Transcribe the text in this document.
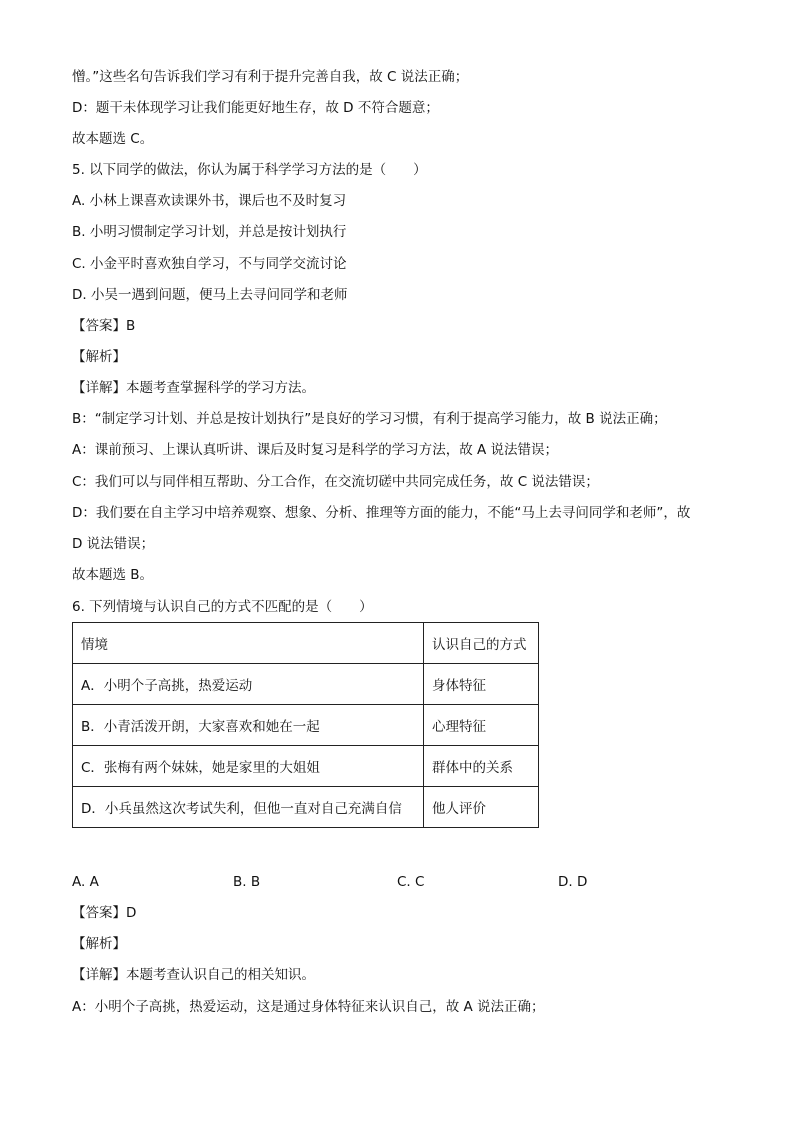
憎。”这些名句告诉我们学习有利于提升完善自我，故 C 说法正确；

D：题干未体现学习让我们能更好地生存，故 D 不符合题意；

故本题选 C。

5. 以下同学的做法，你认为属于科学学习方法的是（　　）

A. 小林上课喜欢读课外书，课后也不及时复习

B. 小明习惯制定学习计划，并总是按计划执行

C. 小金平时喜欢独自学习，不与同学交流讨论

D. 小吴一遇到问题，便马上去寻问同学和老师

【答案】B

【解析】

【详解】本题考查掌握科学的学习方法。

B：“制定学习计划、并总是按计划执行”是良好的学习习惯，有利于提高学习能力，故 B 说法正确；

A：课前预习、上课认真听讲、课后及时复习是科学的学习方法，故 A 说法错误；

C：我们可以与同伴相互帮助、分工合作，在交流切磋中共同完成任务，故 C 说法错误；

D：我们要在自主学习中培养观察、想象、分析、推理等方面的能力，不能“马上去寻问同学和老师”，故

D 说法错误；

故本题选 B。

6. 下列情境与认识自己的方式不匹配的是（　　）

情境	认识自己的方式
A．小明个子高挑，热爱运动	身体特征
B．小青活泼开朗，大家喜欢和她在一起	心理特征
C．张梅有两个妹妹，她是家里的大姐姐	群体中的关系
D．小兵虽然这次考试失利，但他一直对自己充满自信	他人评价
A. A	B. B	C. C	D. D

【答案】D

【解析】

【详解】本题考查认识自己的相关知识。

A：小明个子高挑，热爱运动，这是通过身体特征来认识自己，故 A 说法正确；
